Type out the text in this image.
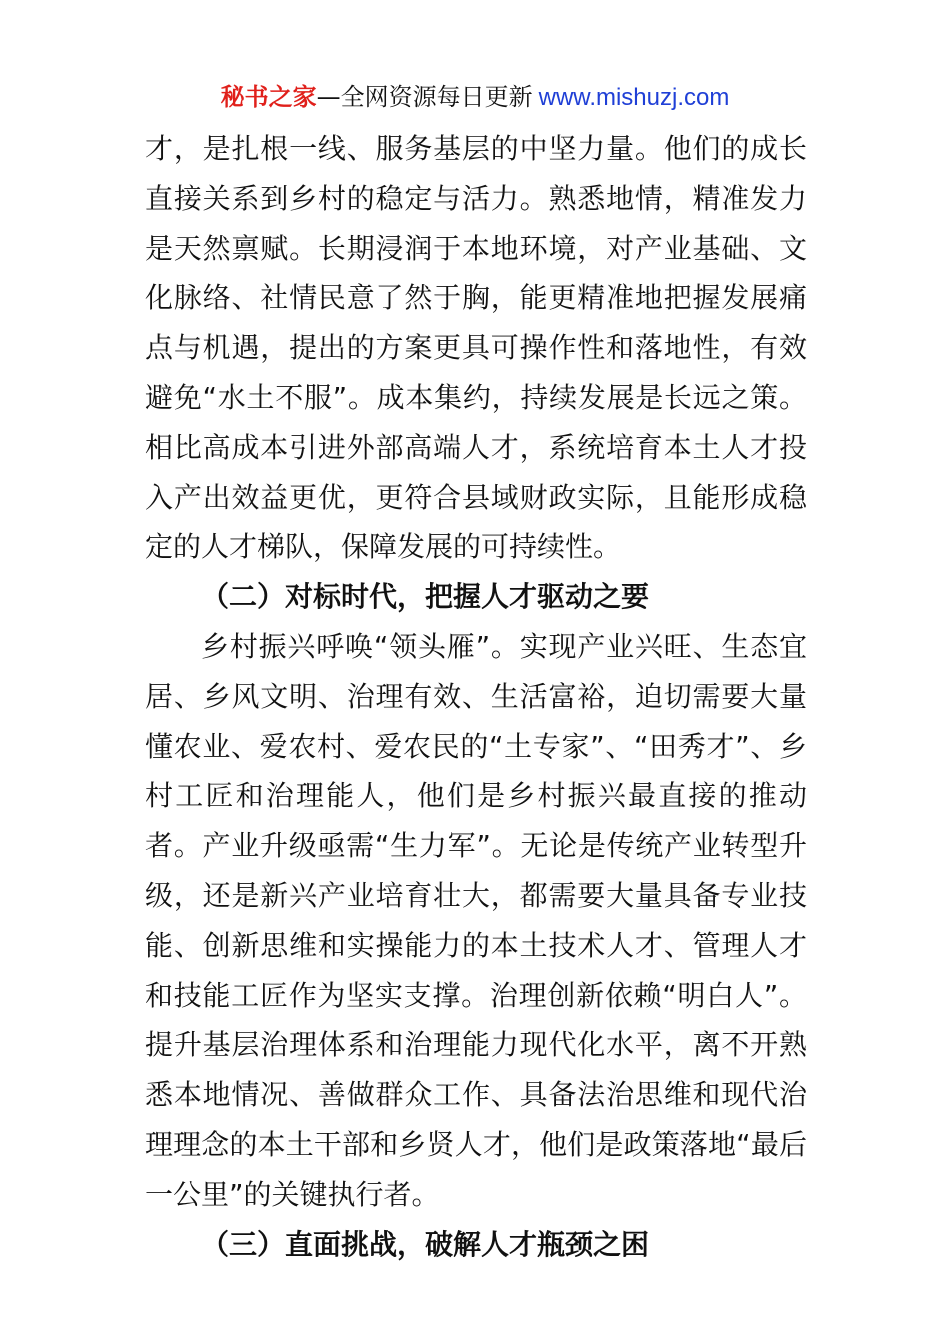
秘书之家—全网资源每日更新 www.mishuzj.com

才，是扎根一线、服务基层的中坚力量。他们的成长直接关系到乡村的稳定与活力。熟悉地情，精准发力是天然禀赋。长期浸润于本地环境，对产业基础、文化脉络、社情民意了然于胸，能更精准地把握发展痛点与机遇，提出的方案更具可操作性和落地性，有效避免“水土不服”。成本集约，持续发展是长远之策。相比高成本引进外部高端人才，系统培育本土人才投入产出效益更优，更符合县域财政实际，且能形成稳定的人才梯队，保障发展的可持续性。

（二）对标时代，把握人才驱动之要

乡村振兴呼唤“领头雁”。实现产业兴旺、生态宜居、乡风文明、治理有效、生活富裕，迫切需要大量懂农业、爱农村、爱农民的“土专家”、“田秀才”、乡村工匠和治理能人，他们是乡村振兴最直接的推动者。产业升级亟需“生力军”。无论是传统产业转型升级，还是新兴产业培育壮大，都需要大量具备专业技能、创新思维和实操能力的本土技术人才、管理人才和技能工匠作为坚实支撑。治理创新依赖“明白人”。提升基层治理体系和治理能力现代化水平，离不开熟悉本地情况、善做群众工作、具备法治思维和现代治理理念的本土干部和乡贤人才，他们是政策落地“最后一公里”的关键执行者。

（三）直面挑战，破解人才瓶颈之困
